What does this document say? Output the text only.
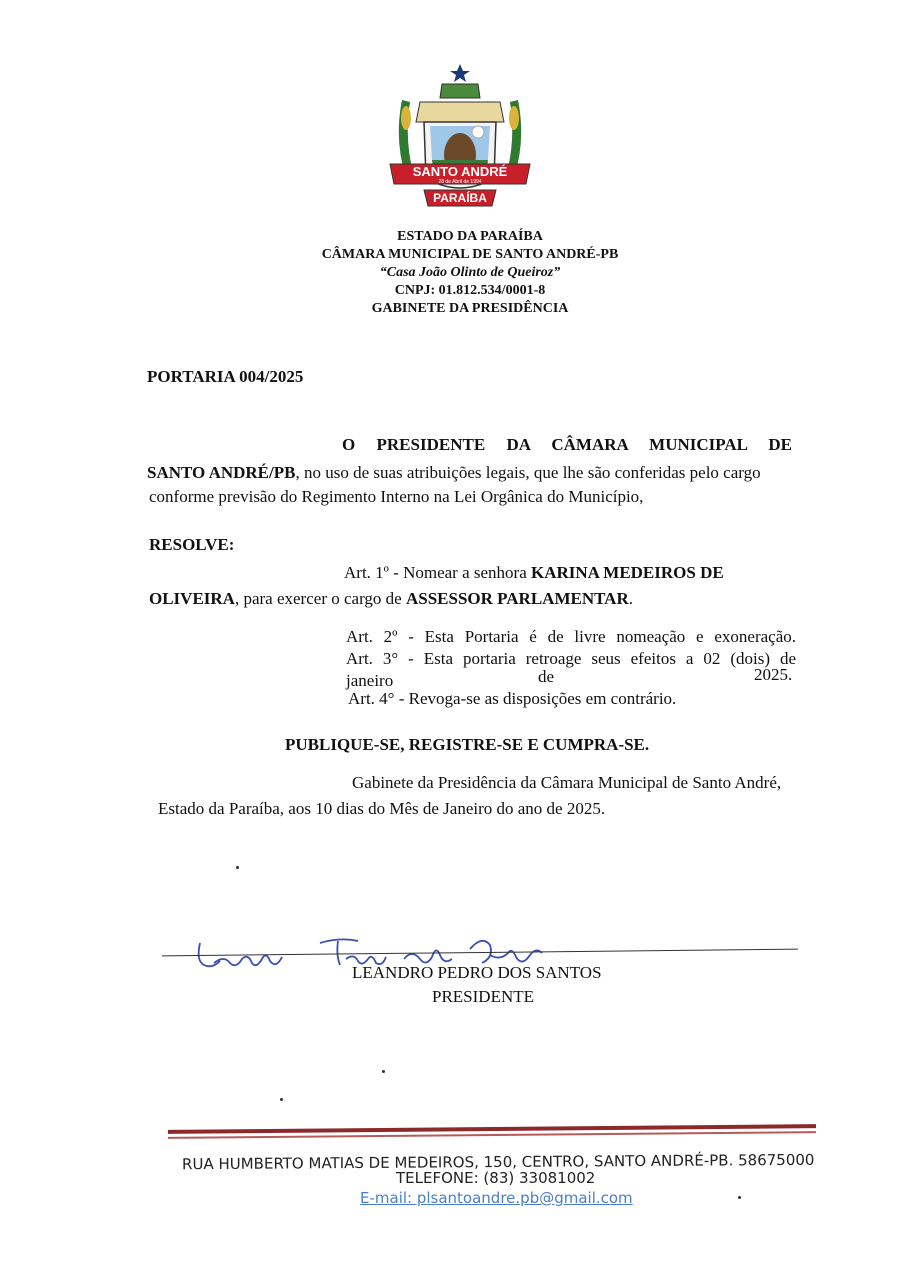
SANTO ANDRÉ
28 de Abril de 1994
PARAÍBA
ESTADO DA PARAÍBA
CÂMARA MUNICIPAL DE SANTO ANDRÉ-PB
“Casa João Olinto de Queiroz”
CNPJ: 01.812.534/0001-8
GABINETE DA PRESIDÊNCIA
PORTARIA 004/2025
O PRESIDENTE DA CÂMARA MUNICIPAL DE
SANTO ANDRÉ/PB, no uso de suas atribuições legais, que lhe são conferidas pelo cargo
conforme previsão do Regimento Interno na Lei Orgânica do Município,
RESOLVE:
Art. 1º - Nomear a senhora KARINA MEDEIROS DE
OLIVEIRA, para exercer o cargo de ASSESSOR PARLAMENTAR.
Art. 2º - Esta Portaria é de livre nomeação e exoneração.
Art. 3° - Esta portaria retroage seus efeitos a 02 (dois) de
janeiro	de	2025.
Art. 4° - Revoga-se as disposições em contrário.
PUBLIQUE-SE, REGISTRE-SE E CUMPRA-SE.
Gabinete da Presidência da Câmara Municipal de Santo André,
Estado da Paraíba, aos 10 dias do Mês de Janeiro do ano de 2025.
LEANDRO PEDRO DOS SANTOS
PRESIDENTE
RUA HUMBERTO MATIAS DE MEDEIROS, 150, CENTRO, SANTO ANDRÉ-PB. 58675000
TELEFONE: (83) 33081002
E-mail: plsantoandre.pb@gmail.com
